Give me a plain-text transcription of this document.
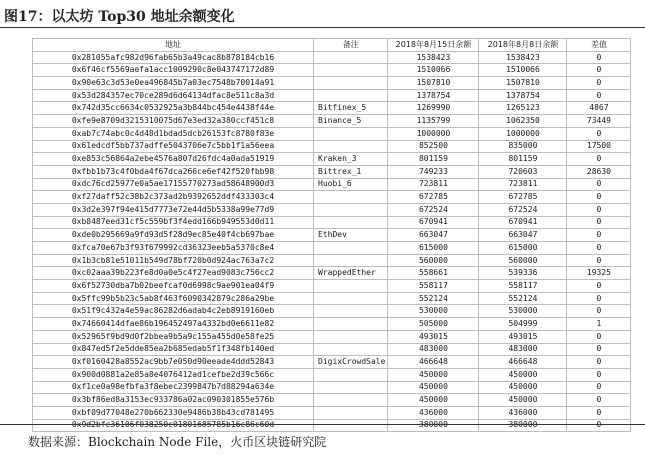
图17：以太坊 Top30 地址余额变化
地址	备注	2018年8月15日余额	2018年8月8日余额	差值
0x281055afc982d96fab65b3a49cac8b878184cb16		1538423	1538423	0
0x6f46cf5569aefa1acc1009290c8e043747172d89		1510066	1510066	0
0x90e63c3d53e0ea496845b7a03ec7548b70014a91		1507810	1507810	0
0x53d284357ec70ce289d6d64134dfac8e511c8a3d		1378754	1378754	0
0x742d35cc6634c0532925a3b844bc454e4438f44e	Bitfinex_5	1269990	1265123	4867
0xfe9e8709d3215310075d67e3ed32a380ccf451c8	Binance_5	1135799	1062350	73449
0xab7c74abc0c4d48d1bdad5dcb26153fc8780f83e		1000000	1000000	0
0x61edcdf5bb737adffe5043706e7c5bb1f1a56eea		852500	835000	17500
0xe853c56864a2ebe4576a807d26fdc4a0ada51919	Kraken_3	801159	801159	0
0xfbb1b73c4f0bda4f67dca266ce6ef42f520fbb98	Bittrex_1	749233	720603	28630
0xdc76cd25977e0a5ae17155770273ad58648900d3	Huobi_6	723811	723811	0
0xf27daff52c38b2c373ad2b9392652ddf433303c4		672785	672785	0
0x3d2e397f94e415d7773e72e44d5b5338a99e77d9		672524	672524	0
0xb8487eed31cf5c559bf3f4edd166b949553d0d11		670941	670941	0
0xde0b295669a9fd93d5f28d9ec85e40f4cb697bae	EthDev	663047	663047	0
0xfca70e67b3f93f679992cd36323eeb5a5370c8e4		615000	615000	0
0x1b3cb81e51011b549d78bf720b0d924ac763a7c2		560000	560000	0
0xc02aaa39b223fe8d0a0e5c4f27ead9083c756cc2	WrappedEther	558661	539336	19325
0x6f52730dba7b02beefcaf0d6998c9ae901ea04f9		558117	558117	0
0x5ffc99b5b23c5ab8f463f6090342879c286a29be		552124	552124	0
0x51f9c432a4e59ac86282d6adab4c2eb8919160eb		530000	530000	0
0x74660414dfae86b196452497a4332bd0e6611e82		505000	504999	1
0x52965f9bd9d0f2bbea9b5a9c155a455d0e58fe25		493015	493015	0
0x847ed5f2e5dde85ea2b685edab5f1f348fb140ed		483000	483000	0
0xf0160428a8552ac9bb7e050d90eeade4ddd52843	DigixCrowdSale	466648	466648	0
0x900d0881a2e85a8e4076412ad1cefbe2d39c566c		450000	450000	0
0xf1ce0a98efbfa3f8ebec2399847b7d88294a634e		450000	450000	0
0x3bf86ed8a3153ec933786a02ac090301855e576b		450000	450000	0
0xbf09d77048e270b662330e9486b38b43cd781495		436000	436000	0
0x9d2bfc36106f038250c01801685785b16c86c60d		380000	380000	0
数据来源：Blockchain Node File，火币区块链研究院
